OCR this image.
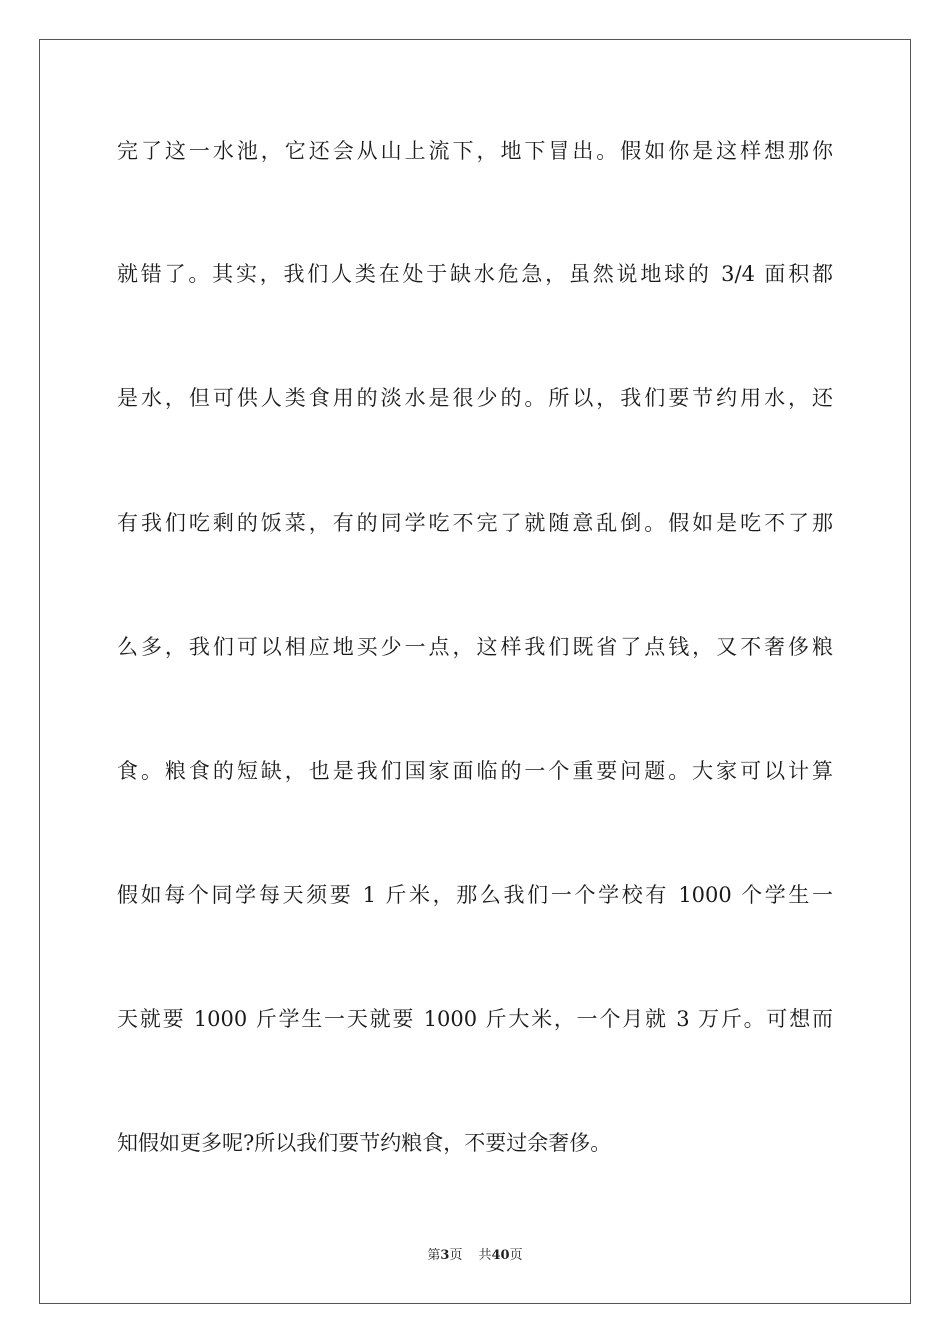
完了这一水池，它还会从山上流下，地下冒出。假如你是这样想那你
就错了。其实，我们人类在处于缺水危急，虽然说地球的 3/4 面积都
是水，但可供人类食用的淡水是很少的。所以，我们要节约用水，还
有我们吃剩的饭菜，有的同学吃不完了就随意乱倒。假如是吃不了那
么多，我们可以相应地买少一点，这样我们既省了点钱，又不奢侈粮
食。粮食的短缺，也是我们国家面临的一个重要问题。大家可以计算
假如每个同学每天须要 1 斤米，那么我们一个学校有 1000 个学生一
天就要 1000 斤学生一天就要 1000 斤大米，一个月就 3 万斤。可想而
知假如更多呢?所以我们要节约粮食，不要过余奢侈。
第3页 共40页
